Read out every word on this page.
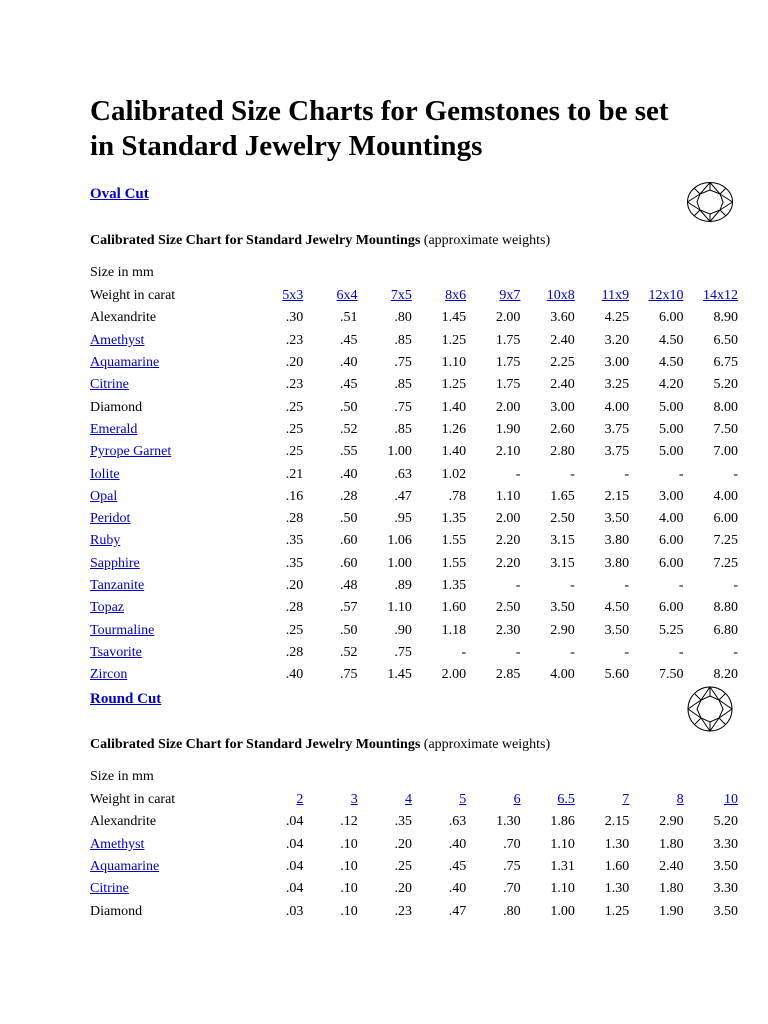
Calibrated Size Charts for Gemstones to be set in Standard Jewelry Mountings
Oval Cut
Calibrated Size Chart for Standard Jewelry Mountings (approximate weights)
Size in mm
Weight in carat	5x3	6x4	7x5	8x6	9x7	10x8	11x9	12x10	14x12
Alexandrite	.30	.51	.80	1.45	2.00	3.60	4.25	6.00	8.90
Amethyst	.23	.45	.85	1.25	1.75	2.40	3.20	4.50	6.50
Aquamarine	.20	.40	.75	1.10	1.75	2.25	3.00	4.50	6.75
Citrine	.23	.45	.85	1.25	1.75	2.40	3.25	4.20	5.20
Diamond	.25	.50	.75	1.40	2.00	3.00	4.00	5.00	8.00
Emerald	.25	.52	.85	1.26	1.90	2.60	3.75	5.00	7.50
Pyrope Garnet	.25	.55	1.00	1.40	2.10	2.80	3.75	5.00	7.00
Iolite	.21	.40	.63	1.02	-	-	-	-	-
Opal	.16	.28	.47	.78	1.10	1.65	2.15	3.00	4.00
Peridot	.28	.50	.95	1.35	2.00	2.50	3.50	4.00	6.00
Ruby	.35	.60	1.06	1.55	2.20	3.15	3.80	6.00	7.25
Sapphire	.35	.60	1.00	1.55	2.20	3.15	3.80	6.00	7.25
Tanzanite	.20	.48	.89	1.35	-	-	-	-	-
Topaz	.28	.57	1.10	1.60	2.50	3.50	4.50	6.00	8.80
Tourmaline	.25	.50	.90	1.18	2.30	2.90	3.50	5.25	6.80
Tsavorite	.28	.52	.75	-	-	-	-	-	-
Zircon	.40	.75	1.45	2.00	2.85	4.00	5.60	7.50	8.20
Round Cut
Calibrated Size Chart for Standard Jewelry Mountings (approximate weights)
Size in mm
Weight in carat	2	3	4	5	6	6.5	7	8	10
Alexandrite	.04	.12	.35	.63	1.30	1.86	2.15	2.90	5.20
Amethyst	.04	.10	.20	.40	.70	1.10	1.30	1.80	3.30
Aquamarine	.04	.10	.25	.45	.75	1.31	1.60	2.40	3.50
Citrine	.04	.10	.20	.40	.70	1.10	1.30	1.80	3.30
Diamond	.03	.10	.23	.47	.80	1.00	1.25	1.90	3.50
